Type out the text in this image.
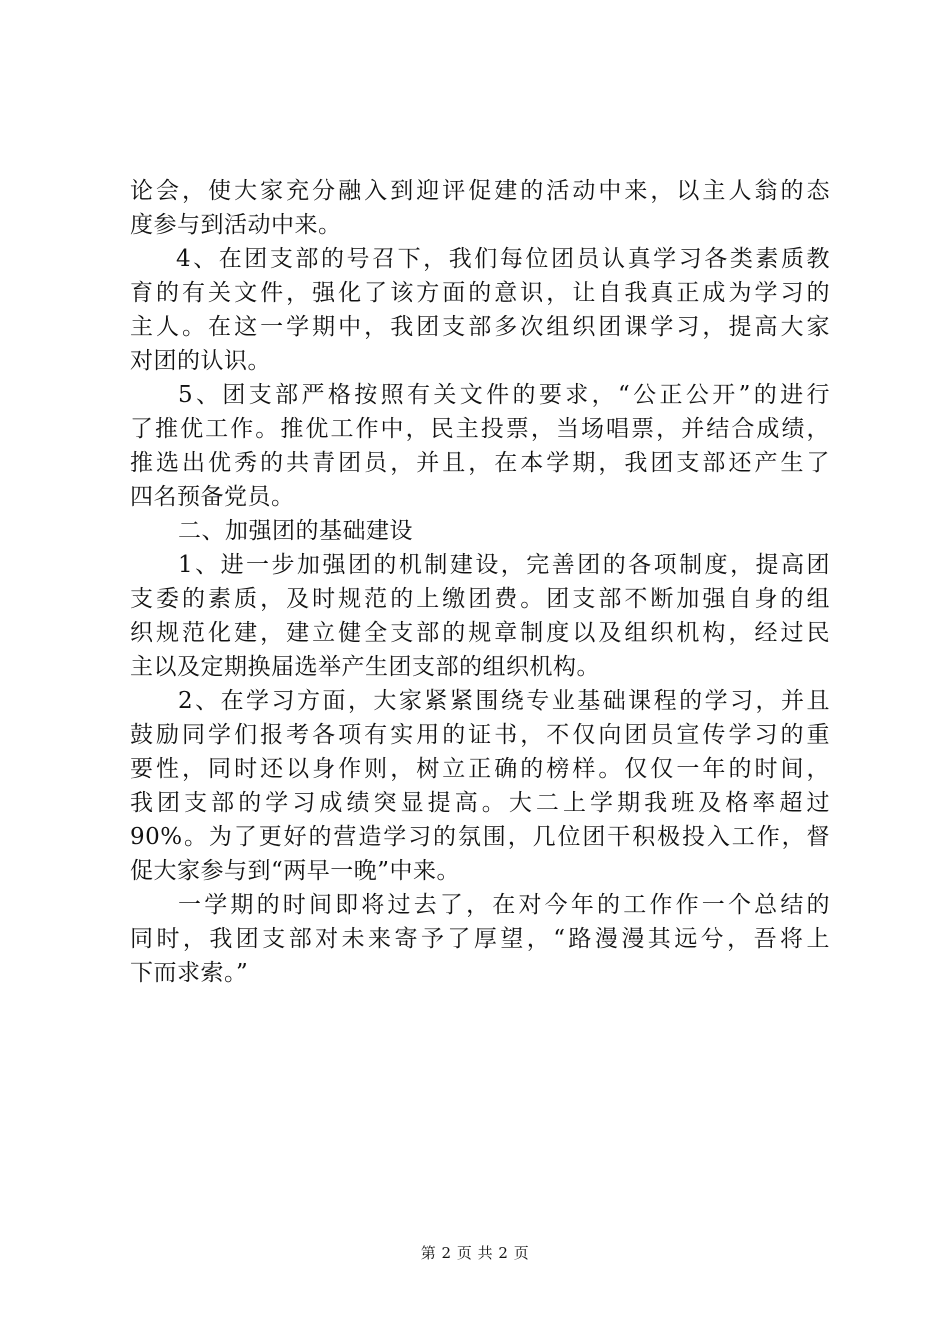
论会，使大家充分融入到迎评促建的活动中来，以主人翁的态
度参与到活动中来。
4、在团支部的号召下，我们每位团员认真学习各类素质教
育的有关文件，强化了该方面的意识，让自我真正成为学习的
主人。在这一学期中，我团支部多次组织团课学习，提高大家
对团的认识。
5、团支部严格按照有关文件的要求，“公正公开”的进行
了推优工作。推优工作中，民主投票，当场唱票，并结合成绩，
推选出优秀的共青团员，并且，在本学期，我团支部还产生了
四名预备党员。
二、加强团的基础建设
1、进一步加强团的机制建设，完善团的各项制度，提高团
支委的素质，及时规范的上缴团费。团支部不断加强自身的组
织规范化建，建立健全支部的规章制度以及组织机构，经过民
主以及定期换届选举产生团支部的组织机构。
2、在学习方面，大家紧紧围绕专业基础课程的学习，并且
鼓励同学们报考各项有实用的证书，不仅向团员宣传学习的重
要性，同时还以身作则，树立正确的榜样。仅仅一年的时间，
我团支部的学习成绩突显提高。大二上学期我班及格率超过
90%。为了更好的营造学习的氛围，几位团干积极投入工作，督
促大家参与到“两早一晚”中来。
一学期的时间即将过去了，在对今年的工作作一个总结的
同时，我团支部对未来寄予了厚望，“路漫漫其远兮，吾将上
下而求索。”
第 2 页 共 2 页
